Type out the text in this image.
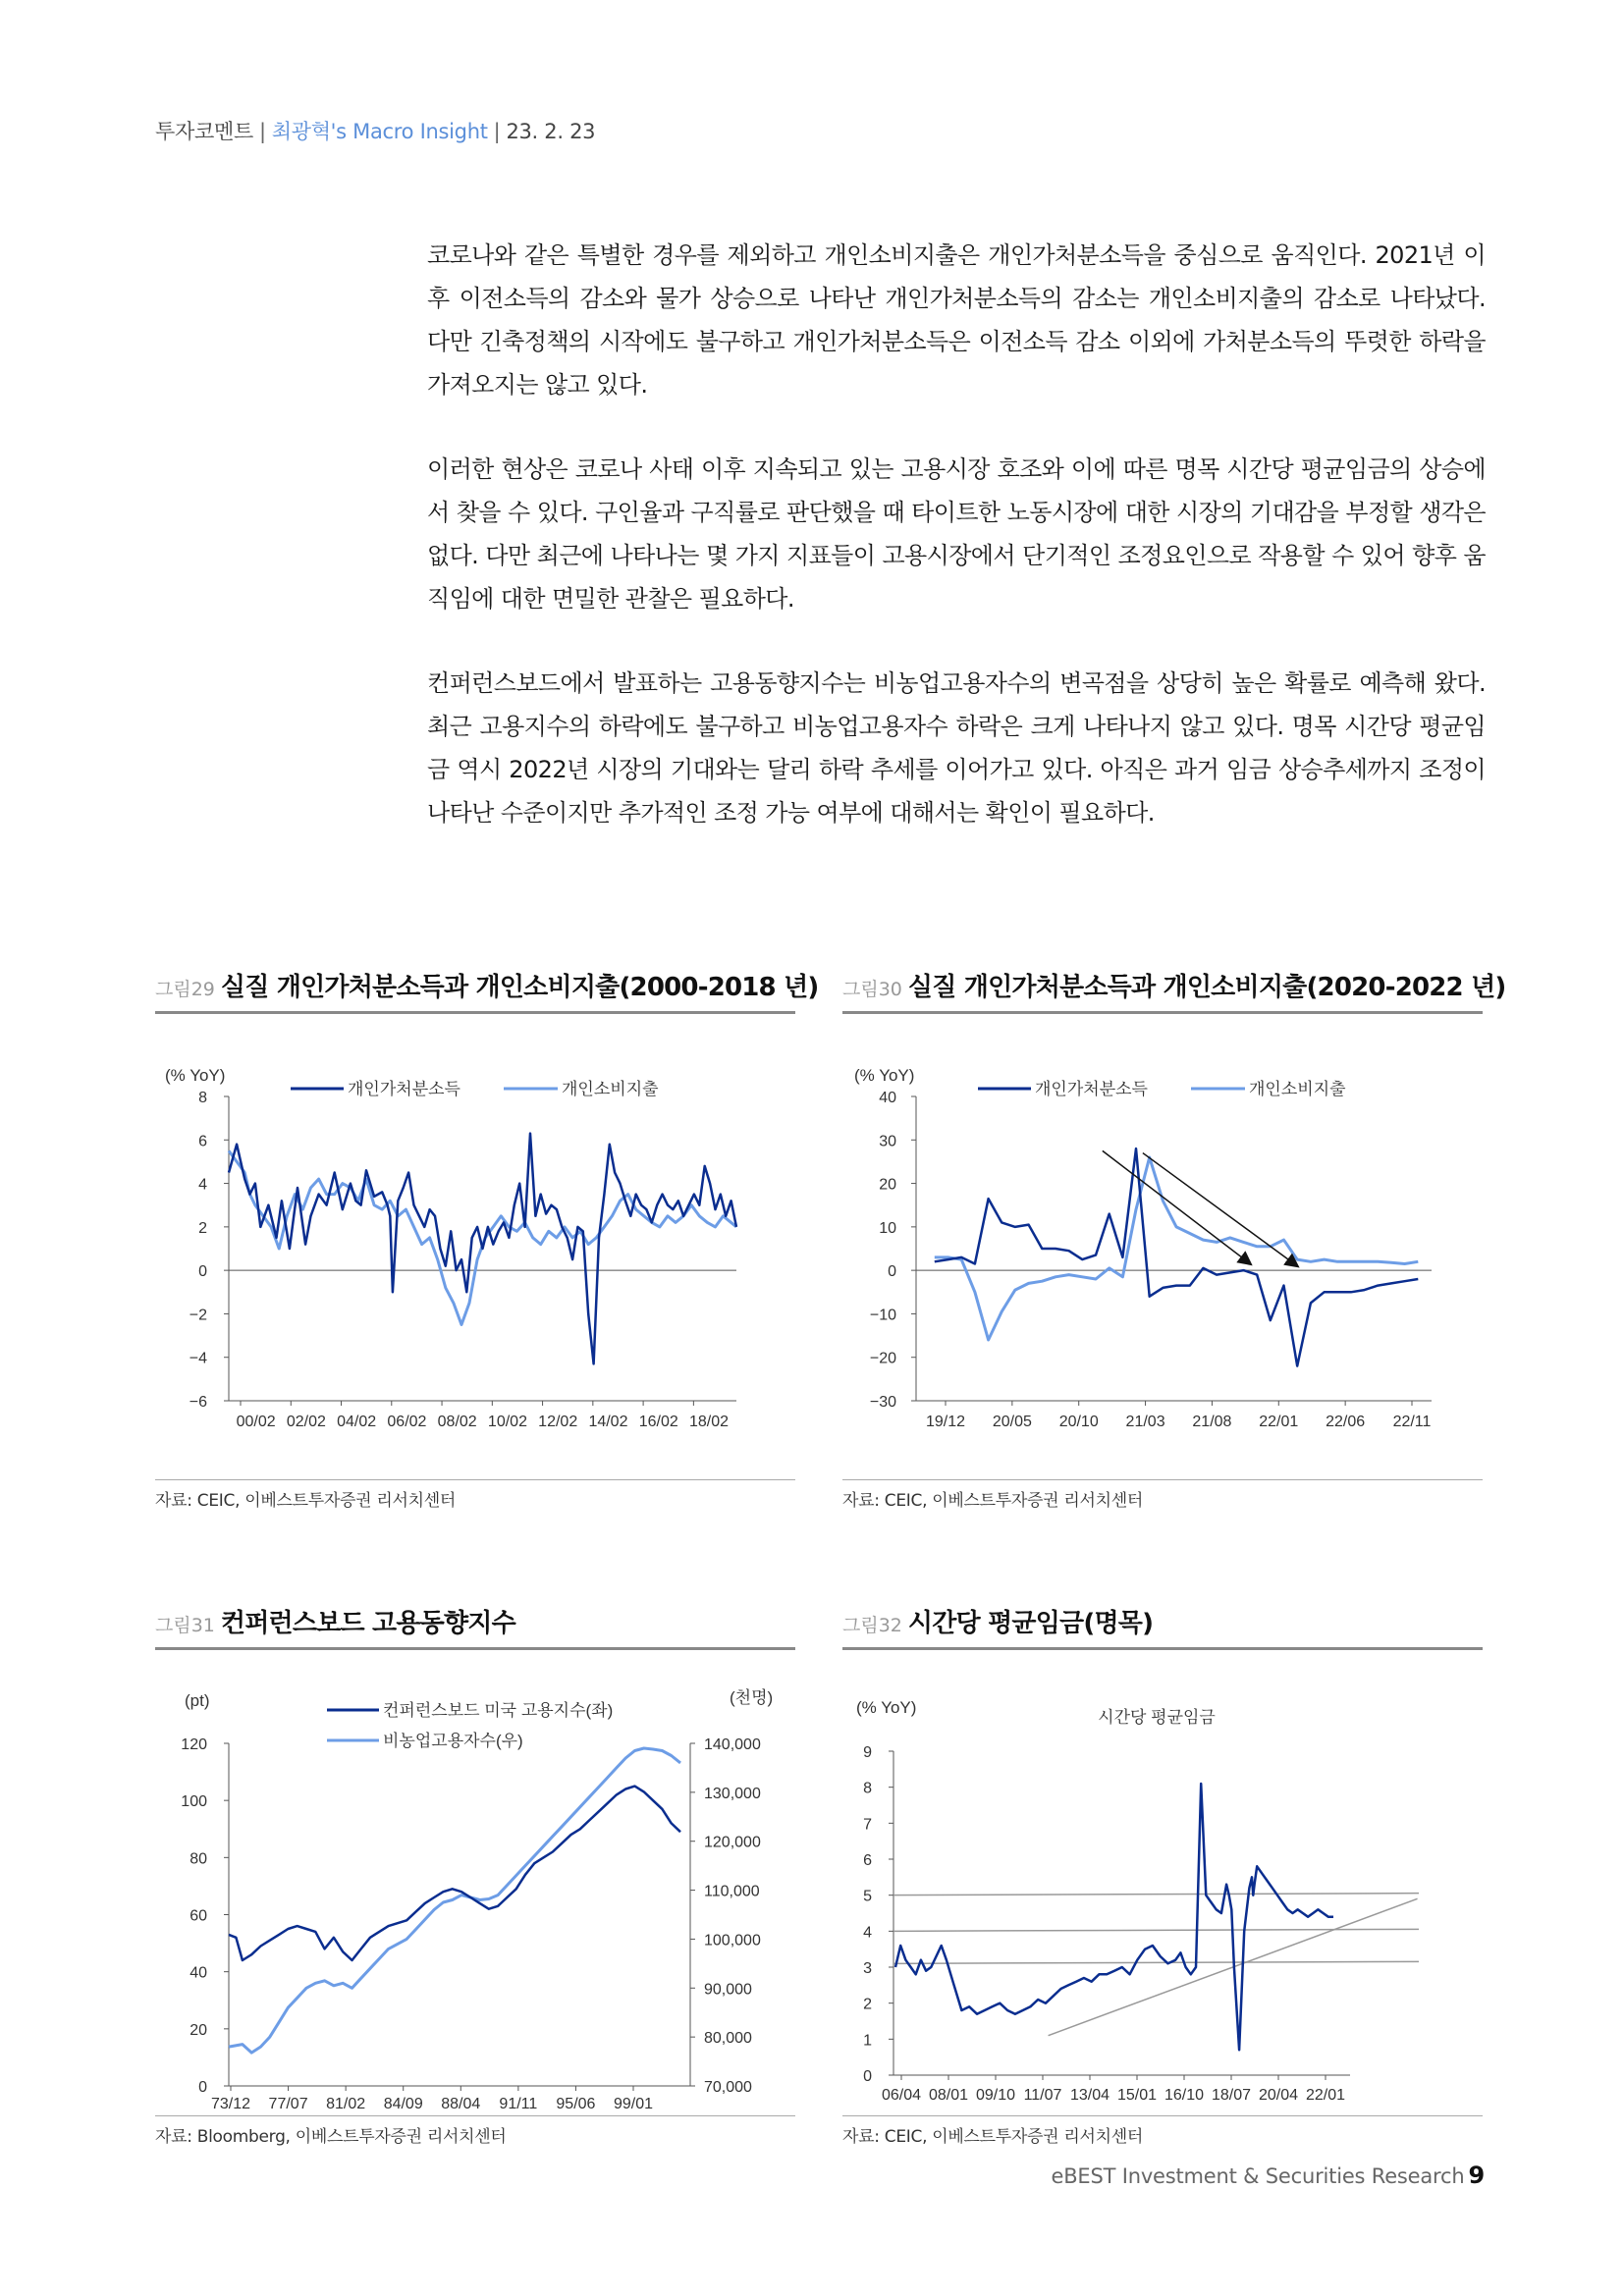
투자코멘트 | 최광혁's Macro Insight | 23. 2. 23

코로나와 같은 특별한 경우를 제외하고 개인소비지출은 개인가처분소득을 중심으로 움직인다. 2021년 이후 이전소득의 감소와 물가 상승으로 나타난 개인가처분소득의 감소는 개인소비지출의 감소로 나타났다. 다만 긴축정책의 시작에도 불구하고 개인가처분소득은 이전소득 감소 이외에 가처분소득의 뚜렷한 하락을 가져오지는 않고 있다.

이러한 현상은 코로나 사태 이후 지속되고 있는 고용시장 호조와 이에 따른 명목 시간당 평균임금의 상승에서 찾을 수 있다. 구인율과 구직률로 판단했을 때 타이트한 노동시장에 대한 시장의 기대감을 부정할 생각은 없다. 다만 최근에 나타나는 몇 가지 지표들이 고용시장에서 단기적인 조정요인으로 작용할 수 있어 향후 움직임에 대한 면밀한 관찰은 필요하다.

컨퍼런스보드에서 발표하는 고용동향지수는 비농업고용자수의 변곡점을 상당히 높은 확률로 예측해 왔다. 최근 고용지수의 하락에도 불구하고 비농업고용자수 하락은 크게 나타나지 않고 있다. 명목 시간당 평균임금 역시 2022년 시장의 기대와는 달리 하락 추세를 이어가고 있다. 아직은 과거 임금 상승추세까지 조정이 나타난 수준이지만 추가적인 조정 가능 여부에 대해서는 확인이 필요하다.

그림29 실질 개인가처분소득과 개인소비지출(2000-2018 년)
(% YoY)
8
6
4
2
0
−2
−4
−6
00/02 02/02 04/02 06/02 08/02 10/02 12/02 14/02 16/02 18/02
개인가처분소득	개인소비지출
자료: CEIC, 이베스트투자증권 리서치센터
그림30 실질 개인가처분소득과 개인소비지출(2020-2022 년)
(% YoY)
40
30
20
10
0
−10
−20
−30
19/12 20/05 20/10 21/03 21/08 22/01 22/06 22/11
개인가처분소득	개인소비지출
자료: CEIC, 이베스트투자증권 리서치센터
그림31 컨퍼런스보드 고용동향지수
(pt)	(천명)
120
100
80
60
40
20
0
140,000
130,000
120,000
110,000
100,000
90,000
80,000
70,000
73/12 77/07 81/02 84/09 88/04 91/11 95/06 99/01
컨퍼런스보드 미국 고용지수(좌)
비농업고용자수(우)
자료: Bloomberg, 이베스트투자증권 리서치센터
그림32 시간당 평균임금(명목)
(% YoY)
시간당 평균임금
9
8
7
6
5
4
3
2
1
0
06/04 08/01 09/10 11/07 13/04 15/01 16/10 18/07 20/04 22/01
자료: CEIC, 이베스트투자증권 리서치센터
eBEST Investment & Securities Research 9
